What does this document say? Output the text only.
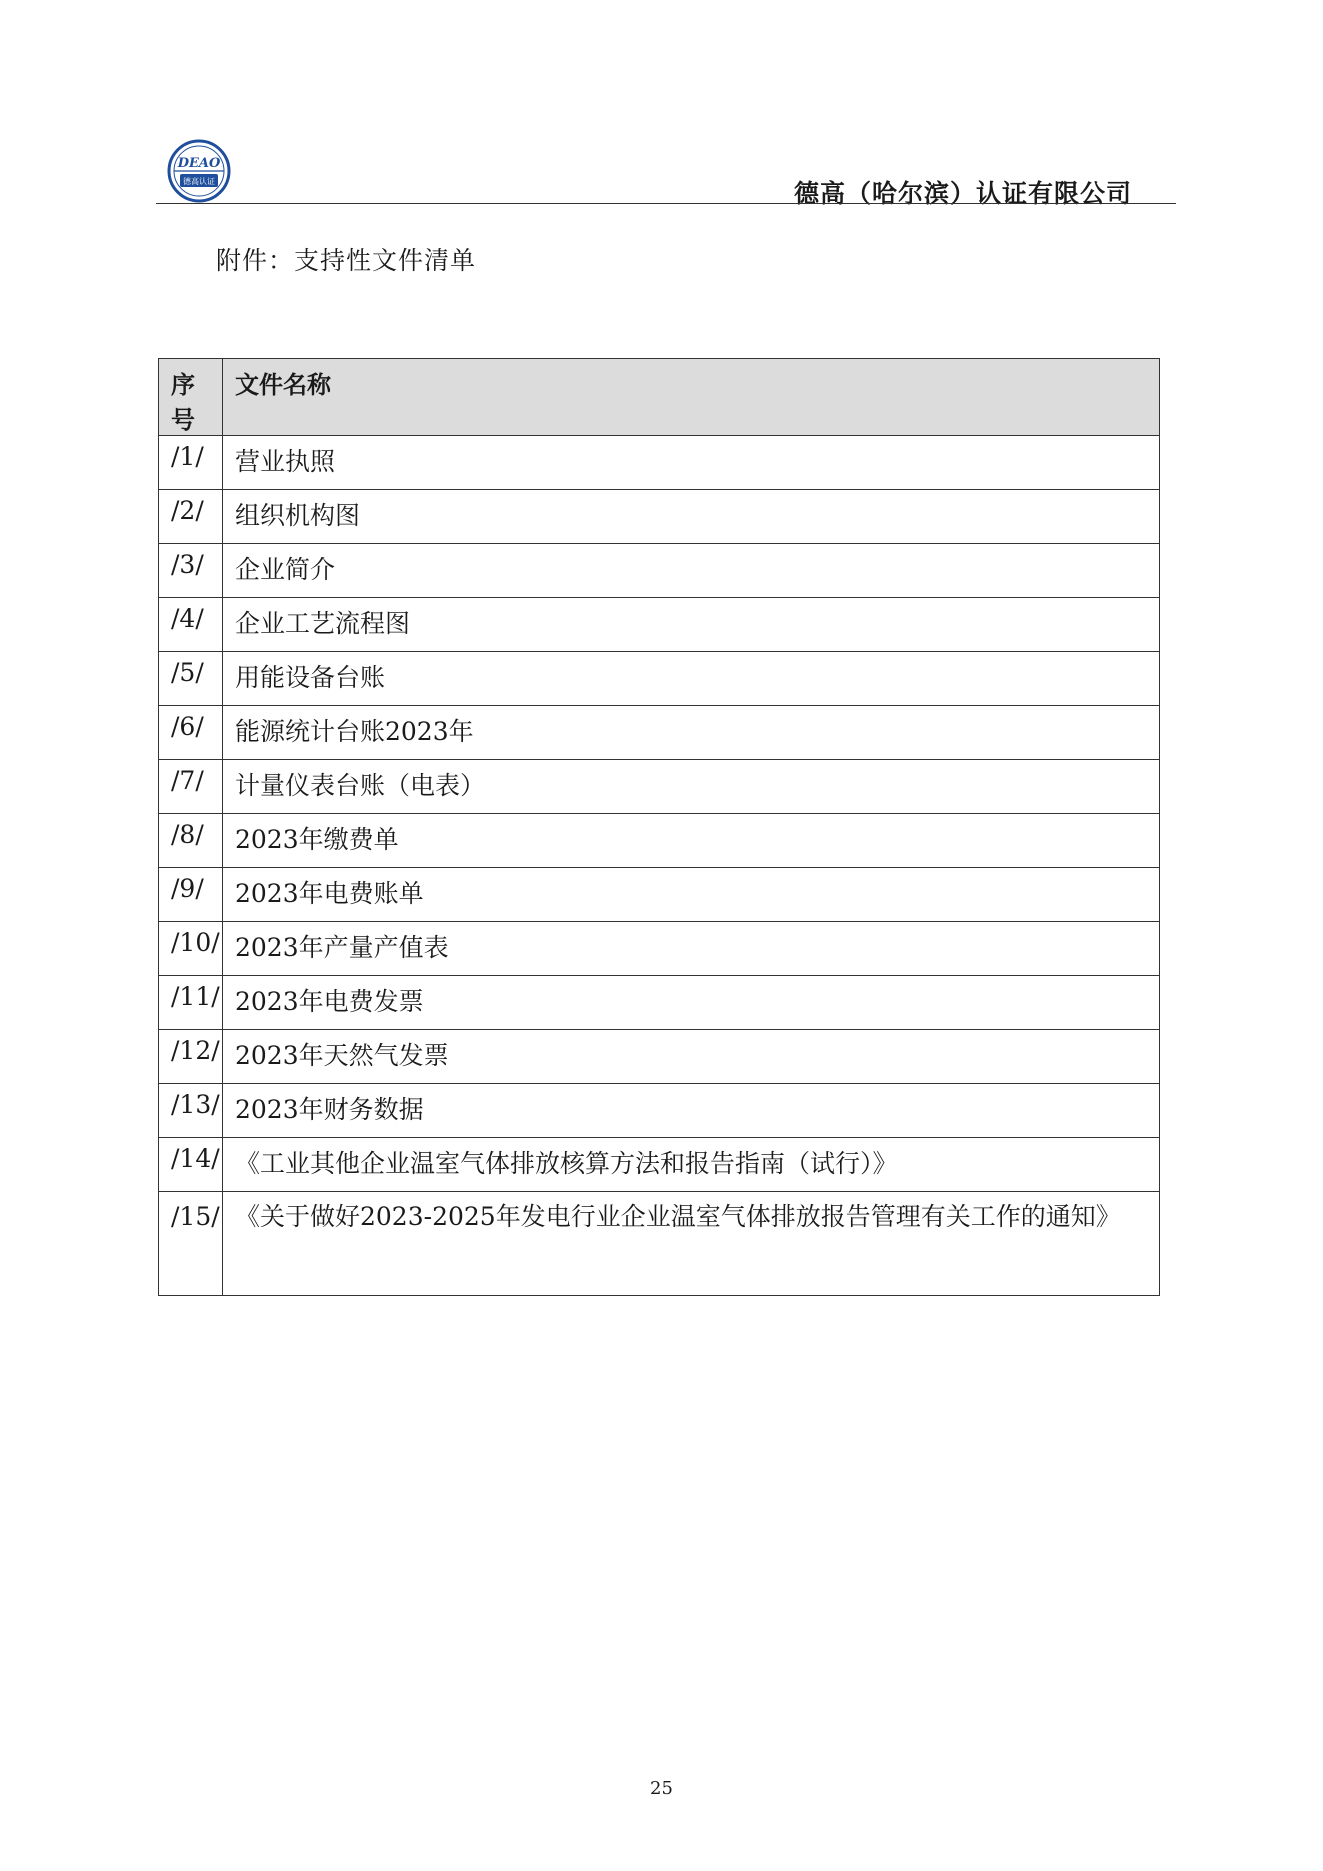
DEAO
德高认证	德高（哈尔滨）认证有限公司
附件：支持性文件清单
序号	文件名称
/1/	营业执照
/2/	组织机构图
/3/	企业简介
/4/	企业工艺流程图
/5/	用能设备台账
/6/	能源统计台账2023年
/7/	计量仪表台账（电表）
/8/	2023年缴费单
/9/	2023年电费账单
/10/	2023年产量产值表
/11/	2023年电费发票
/12/	2023年天然气发票
/13/	2023年财务数据
/14/	《工业其他企业温室气体排放核算方法和报告指南（试行）》
/15/	《关于做好2023-2025年发电行业企业温室气体排放报告管理有关工作的通知》
25
